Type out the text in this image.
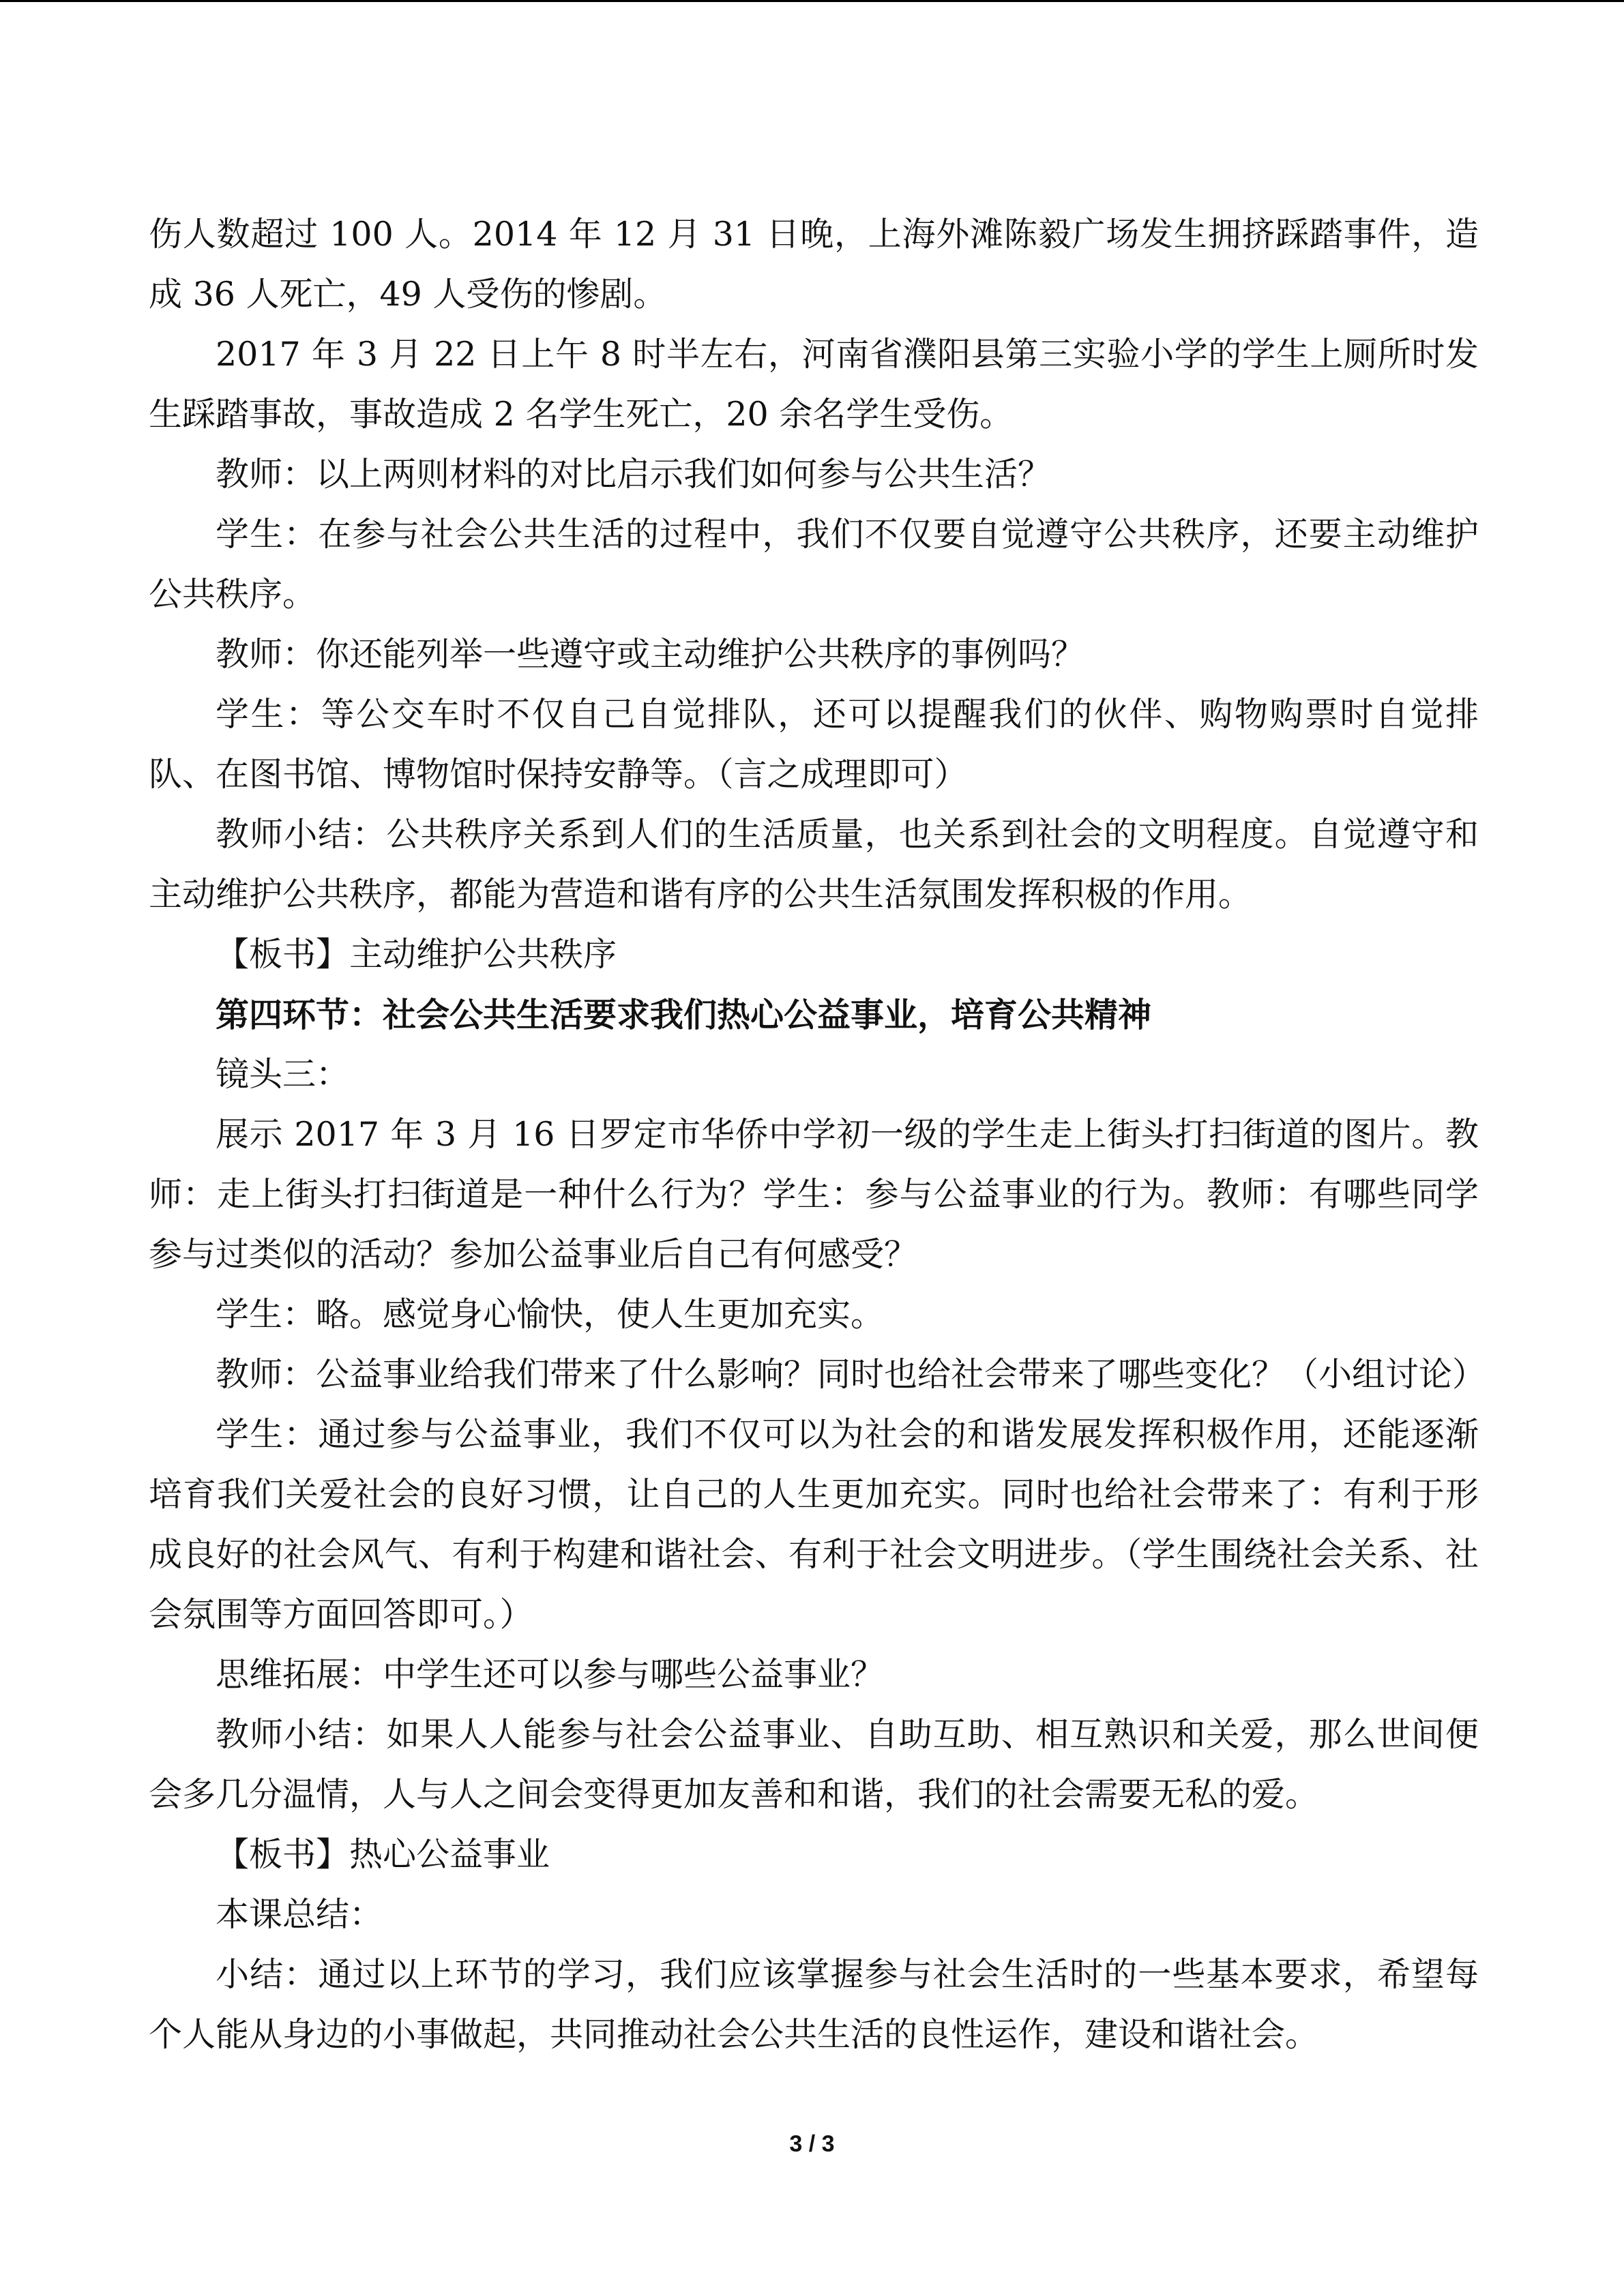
伤人数超过 100 人。2014 年 12 月 31 日晚，上海外滩陈毅广场发生拥挤踩踏事件，造成 36 人死亡，49 人受伤的惨剧。

2017 年 3 月 22 日上午 8 时半左右，河南省濮阳县第三实验小学的学生上厕所时发生踩踏事故，事故造成 2 名学生死亡，20 余名学生受伤。

教师：以上两则材料的对比启示我们如何参与公共生活？

学生：在参与社会公共生活的过程中，我们不仅要自觉遵守公共秩序，还要主动维护公共秩序。

教师：你还能列举一些遵守或主动维护公共秩序的事例吗？

学生：等公交车时不仅自己自觉排队，还可以提醒我们的伙伴、购物购票时自觉排队、在图书馆、博物馆时保持安静等。（言之成理即可）

教师小结：公共秩序关系到人们的生活质量，也关系到社会的文明程度。自觉遵守和主动维护公共秩序，都能为营造和谐有序的公共生活氛围发挥积极的作用。

【板书】主动维护公共秩序

第四环节：社会公共生活要求我们热心公益事业，培育公共精神

镜头三：

展示 2017 年 3 月 16 日罗定市华侨中学初一级的学生走上街头打扫街道的图片。教师：走上街头打扫街道是一种什么行为？学生：参与公益事业的行为。教师：有哪些同学参与过类似的活动？参加公益事业后自己有何感受？

学生：略。感觉身心愉快，使人生更加充实。

教师：公益事业给我们带来了什么影响？同时也给社会带来了哪些变化？（小组讨论）

学生：通过参与公益事业，我们不仅可以为社会的和谐发展发挥积极作用，还能逐渐培育我们关爱社会的良好习惯，让自己的人生更加充实。同时也给社会带来了：有利于形成良好的社会风气、有利于构建和谐社会、有利于社会文明进步。（学生围绕社会关系、社会氛围等方面回答即可。）

思维拓展：中学生还可以参与哪些公益事业？

教师小结：如果人人能参与社会公益事业、自助互助、相互熟识和关爱，那么世间便会多几分温情，人与人之间会变得更加友善和和谐，我们的社会需要无私的爱。

【板书】热心公益事业

本课总结：

小结：通过以上环节的学习，我们应该掌握参与社会生活时的一些基本要求，希望每个人能从身边的小事做起，共同推动社会公共生活的良性运作，建设和谐社会。

3 / 3
